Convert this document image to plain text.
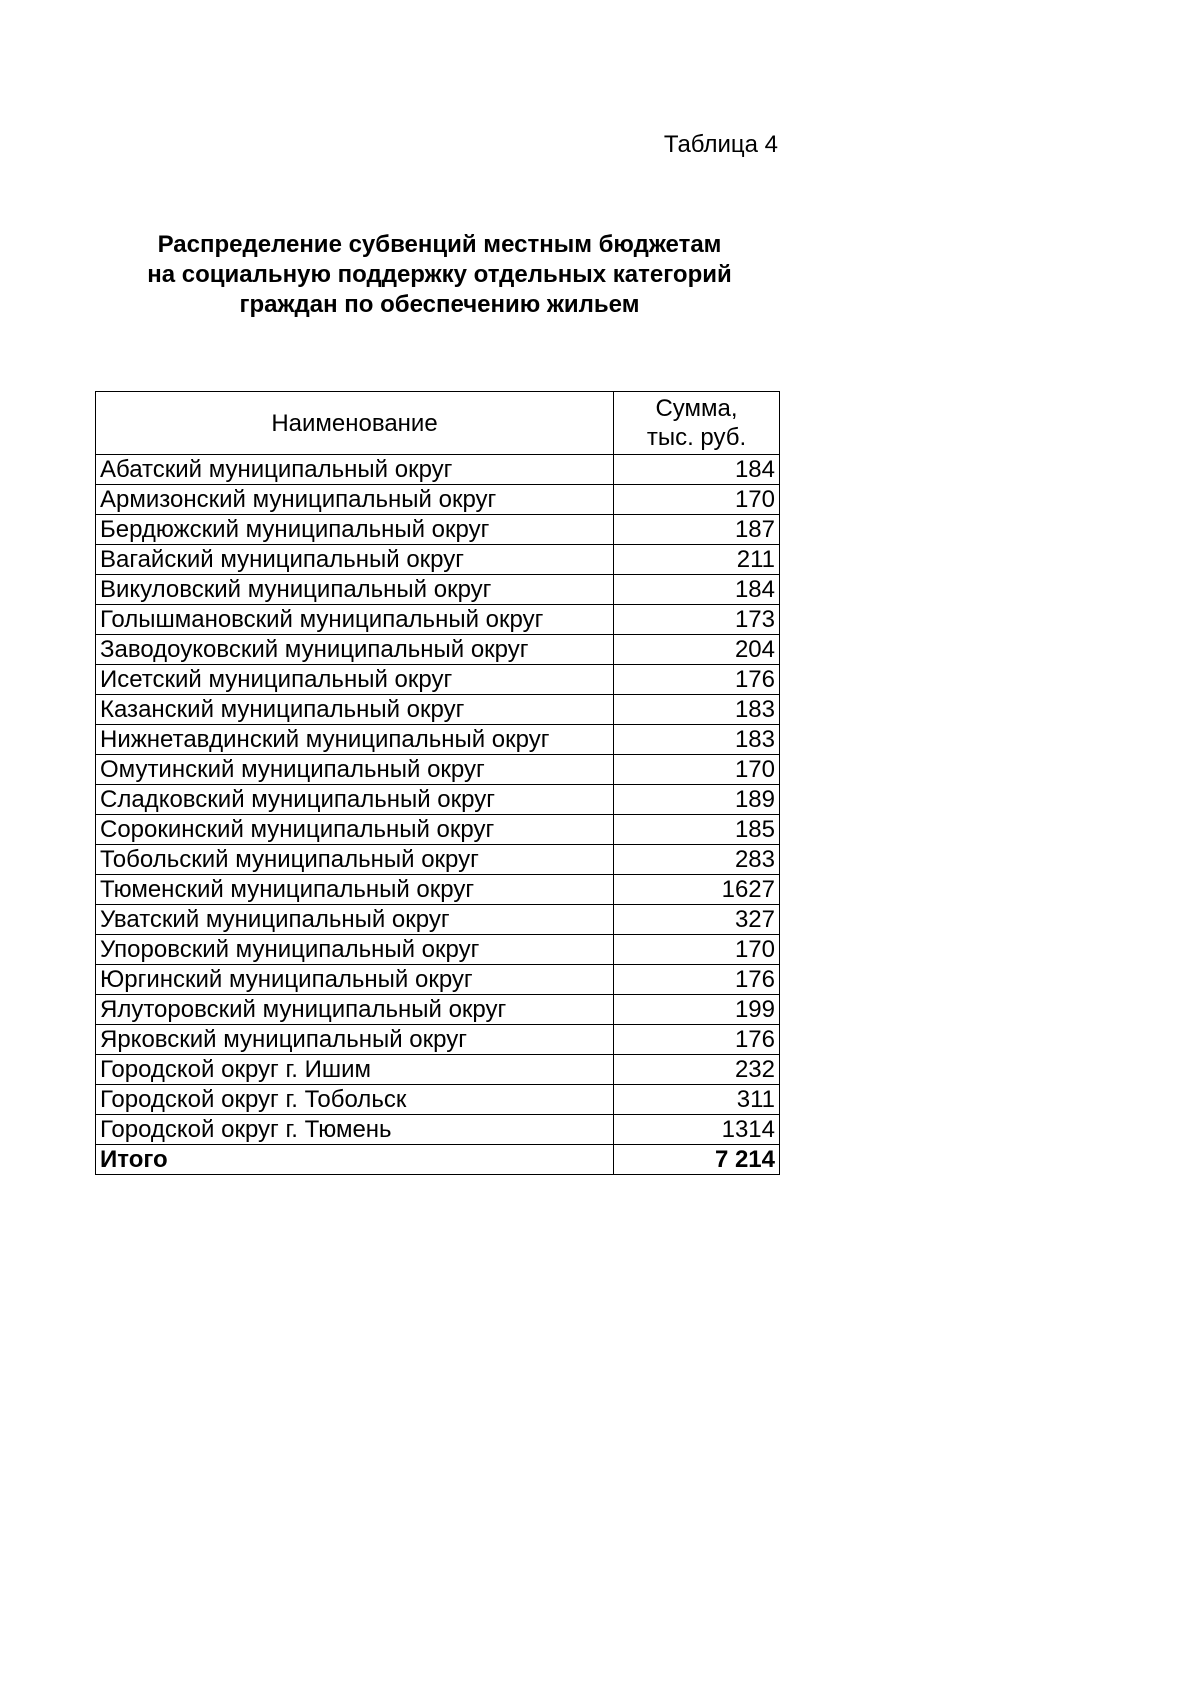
Таблица 4
Распределение субвенций местным бюджетам
на социальную поддержку отдельных категорий
граждан по обеспечению жильем
Наименование	Сумма,
тыс. руб.

Абатский муниципальный округ	184
Армизонский муниципальный округ	170
Бердюжский муниципальный округ	187
Вагайский муниципальный округ	211
Викуловский муниципальный округ	184
Голышмановский муниципальный округ	173
Заводоуковский муниципальный округ	204
Исетский муниципальный округ	176
Казанский муниципальный округ	183
Нижнетавдинский муниципальный округ	183
Омутинский муниципальный округ	170
Сладковский муниципальный округ	189
Сорокинский муниципальный округ	185
Тобольский муниципальный округ	283
Тюменский муниципальный округ	1627
Уватский муниципальный округ	327
Упоровский муниципальный округ	170
Юргинский муниципальный округ	176
Ялуторовский муниципальный округ	199
Ярковский муниципальный округ	176
Городской округ г. Ишим	232
Городской округ г. Тобольск	311
Городской округ г. Тюмень	1314
Итого	7 214
